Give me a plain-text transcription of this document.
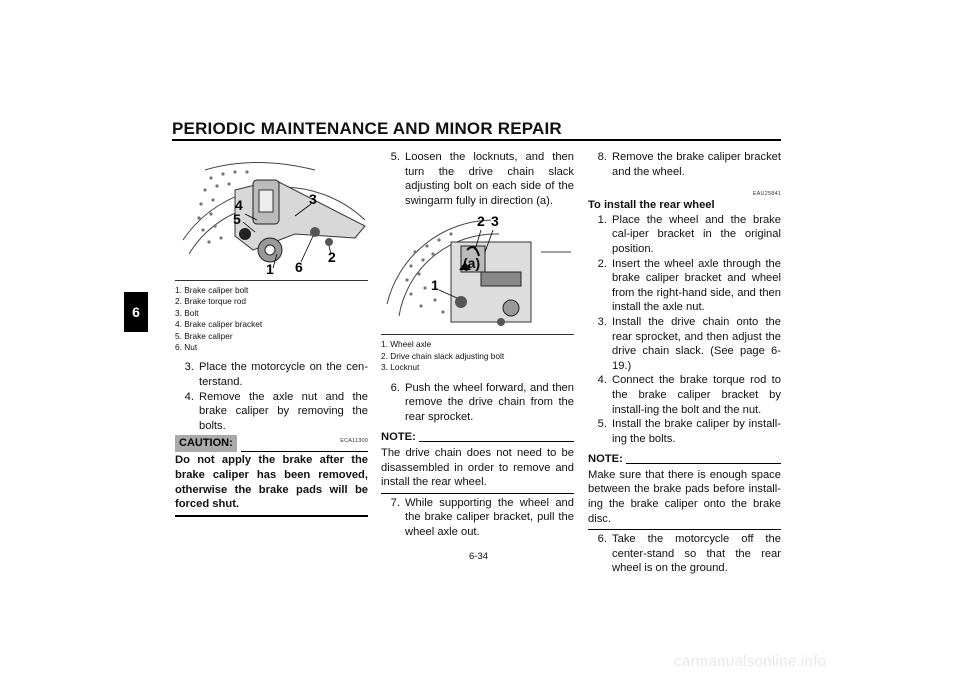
PERIODIC MAINTENANCE AND MINOR REPAIR
6
4
5
3
1 6
2
1. Brake caliper bolt
2. Brake torque rod
3. Bolt
4. Brake caliper bracket
5. Brake caliper
6. Nut
3. Place the motorcycle on the cen-terstand.
4. Remove the axle nut and the brake caliper by removing the bolts.
CAUTION:	ECA11300
Do not apply the brake after the brake caliper has been removed, otherwise the brake pads will be forced shut.
5. Loosen the locknuts, and then turn the drive chain slack adjusting bolt on each side of the swingarm fully in direction (a).
2 3
(a)
1
1. Wheel axle
2. Drive chain slack adjusting bolt
3. Locknut
6. Push the wheel forward, and then remove the drive chain from the rear sprocket.
NOTE:
The drive chain does not need to be disassembled in order to remove and install the rear wheel.
7. While supporting the wheel and the brake caliper bracket, pull the wheel axle out.
8. Remove the brake caliper bracket and the wheel.
EAU25841
To install the rear wheel
1. Place the wheel and the brake cal-iper bracket in the original position.
2. Insert the wheel axle through the brake caliper bracket and wheel from the right-hand side, and then install the axle nut.
3. Install the drive chain onto the rear sprocket, and then adjust the drive chain slack. (See page 6-19.)
4. Connect the brake torque rod to the brake caliper bracket by install-ing the bolt and the nut.
5. Install the brake caliper by install-ing the bolts.
NOTE:
Make sure that there is enough space between the brake pads before install-ing the brake caliper onto the brake disc.
6. Take the motorcycle off the center-stand so that the rear wheel is on the ground.
6-34
carmanualsonline.info
